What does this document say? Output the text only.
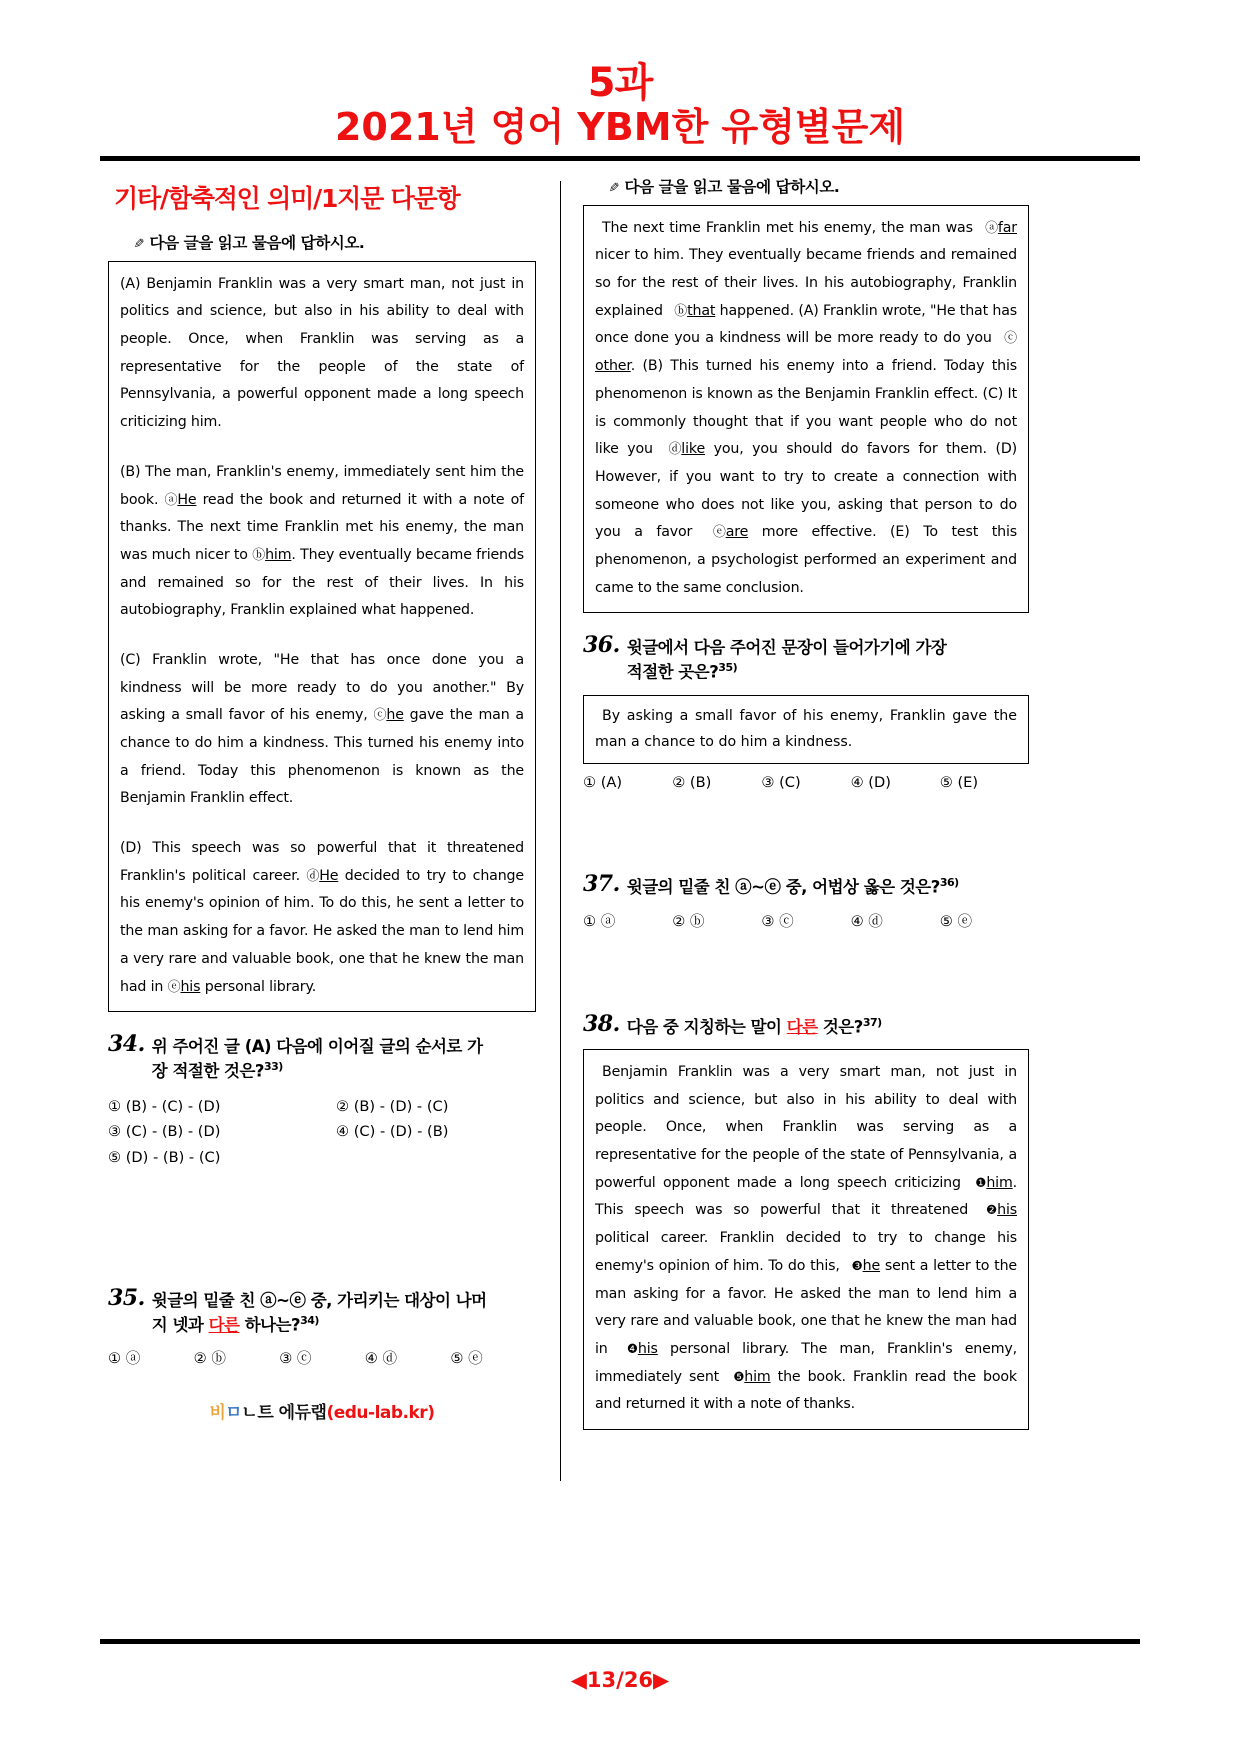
5과
2021년 영어 YBM한 유형별문제
기타/함축적인 의미/1지문 다문항
✎ 다음 글을 읽고 물음에 답하시오.

(A) Benjamin Franklin was a very smart man, not just in politics and science, but also in his ability to deal with people. Once, when Franklin was serving as a representative for the people of the state of Pennsylvania, a powerful opponent made a long speech criticizing him.

(B) The man, Franklin's enemy, immediately sent him the book. ⓐHe read the book and returned it with a note of thanks. The next time Franklin met his enemy, the man was much nicer to ⓑhim. They eventually became friends and remained so for the rest of their lives. In his autobiography, Franklin explained what happened.

(C) Franklin wrote, "He that has once done you a kindness will be more ready to do you another." By asking a small favor of his enemy, ⓒhe gave the man a chance to do him a kindness. This turned his enemy into a friend. Today this phenomenon is known as the Benjamin Franklin effect.

(D) This speech was so powerful that it threatened Franklin's political career. ⓓHe decided to try to change his enemy's opinion of him. To do this, he sent a letter to the man asking for a favor. He asked the man to lend him a very rare and valuable book, one that he knew the man had in ⓔhis personal library.

34. 위 주어진 글 (A) 다음에 이어질 글의 순서로 가
장 적절한 것은?$^{33)}$
① (B) - (C) - (D)	② (B) - (D) - (C)
③ (C) - (B) - (D)	④ (C) - (D) - (B)
⑤ (D) - (B) - (C)
35. 윗글의 밑줄 친 ⓐ~ⓔ 중, 가리키는 대상이 나머
지 넷과 다른 하나는?$^{34)}$
① ⓐ	② ⓑ	③ ⓒ	④ ⓓ	⑤ ⓔ
비ㅁㄴ트 에듀랩(edu-lab.kr)
✎ 다음 글을 읽고 물음에 답하시오.

The next time Franklin met his enemy, the man was ⓐfar nicer to him. They eventually became friends and remained so for the rest of their lives. In his autobiography, Franklin explained ⓑthat happened. (A) Franklin wrote, "He that has once done you a kindness will be more ready to do you ⓒother. (B) This turned his enemy into a friend. Today this phenomenon is known as the Benjamin Franklin effect. (C) It is commonly thought that if you want people who do not like you ⓓlike you, you should do favors for them. (D) However, if you want to try to create a connection with someone who does not like you, asking that person to do you a favor ⓔare more effective. (E) To test this phenomenon, a psychologist performed an experiment and came to the same conclusion.

36. 윗글에서 다음 주어진 문장이 들어가기에 가장
적절한 곳은?$^{35)}$

By asking a small favor of his enemy, Franklin gave the man a chance to do him a kindness.

① (A)	② (B)	③ (C)	④ (D)	⑤ (E)
37. 윗글의 밑줄 친 ⓐ~ⓔ 중, 어법상 옳은 것은?$^{36)}$
① ⓐ	② ⓑ	③ ⓒ	④ ⓓ	⑤ ⓔ
38. 다음 중 지칭하는 말이 다른 것은?$^{37)}$

Benjamin Franklin was a very smart man, not just in politics and science, but also in his ability to deal with people. Once, when Franklin was serving as a representative for the people of the state of Pennsylvania, a powerful opponent made a long speech criticizing ❶him. This speech was so powerful that it threatened ❷his political career. Franklin decided to try to change his enemy's opinion of him. To do this, ❸he sent a letter to the man asking for a favor. He asked the man to lend him a very rare and valuable book, one that he knew the man had in ❹his personal library. The man, Franklin's enemy, immediately sent ❺him the book. Franklin read the book and returned it with a note of thanks.

◀13/26▶
